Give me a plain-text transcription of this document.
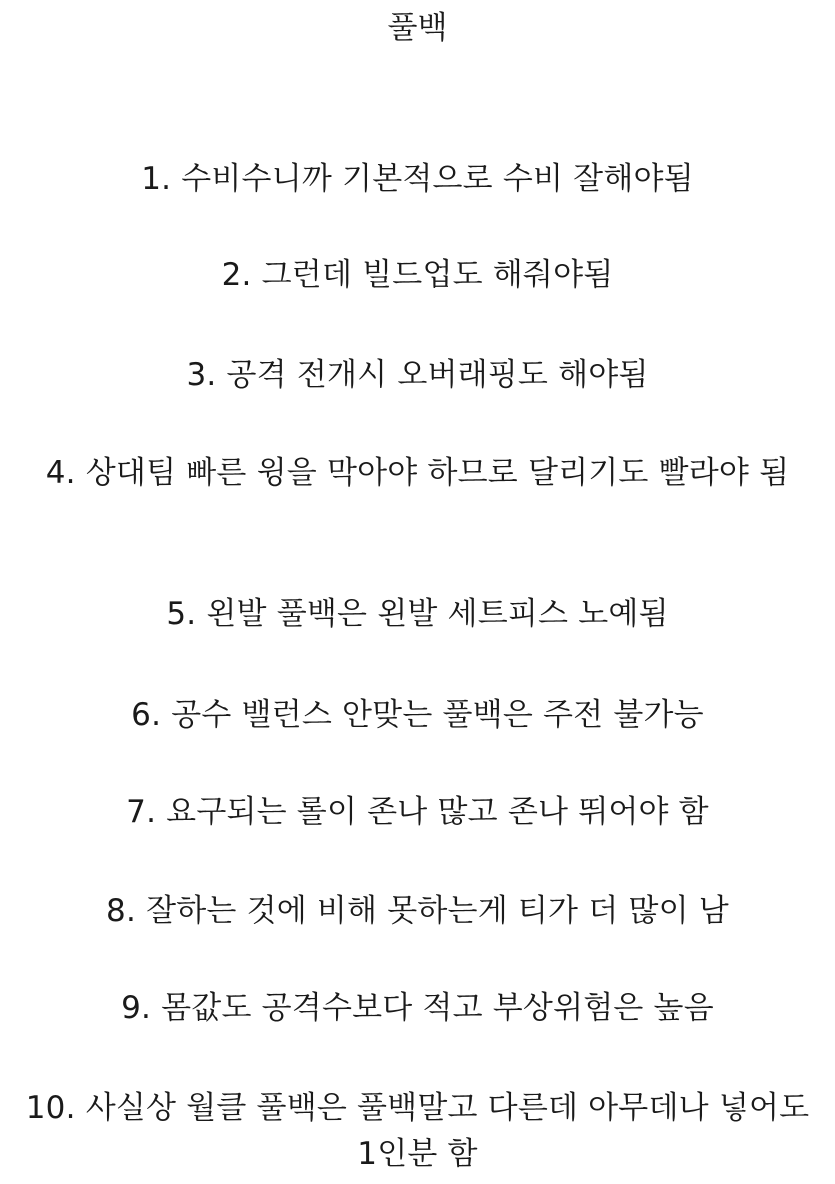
풀백
1. 수비수니까 기본적으로 수비 잘해야됨
2. 그런데 빌드업도 해줘야됨
3. 공격 전개시 오버래핑도 해야됨
4. 상대팀 빠른 윙을 막아야 하므로 달리기도 빨라야 됨
5. 왼발 풀백은 왼발 세트피스 노예됨
6. 공수 밸런스 안맞는 풀백은 주전 불가능
7. 요구되는 롤이 존나 많고 존나 뛰어야 함
8. 잘하는 것에 비해 못하는게 티가 더 많이 남
9. 몸값도 공격수보다 적고 부상위험은 높음
10. 사실상 월클 풀백은 풀백말고 다른데 아무데나 넣어도 1인분 함
